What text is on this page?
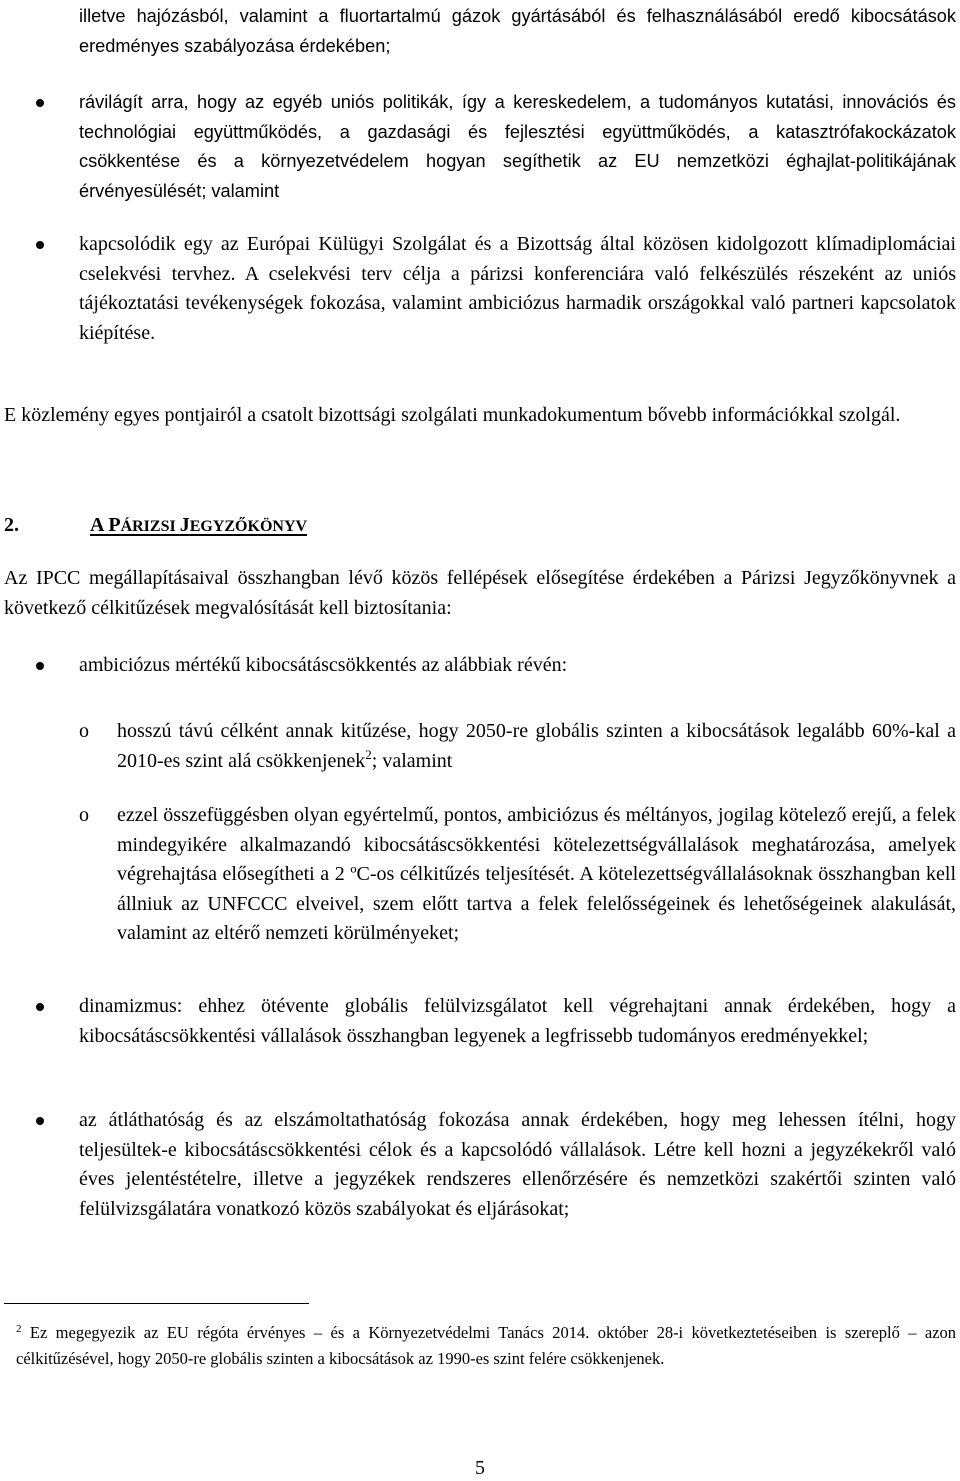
illetve hajózásból, valamint a fluortartalmú gázok gyártásából és felhasználásából eredő kibocsátások eredményes szabályozása érdekében;
rávilágít arra, hogy az egyéb uniós politikák, így a kereskedelem, a tudományos kutatási, innovációs és technológiai együttműködés, a gazdasági és fejlesztési együttműködés, a katasztrófakockázatok csökkentése és a környezetvédelem hogyan segíthetik az EU nemzetközi éghajlat-politikájának érvényesülését; valamint
kapcsolódik egy az Európai Külügyi Szolgálat és a Bizottság által közösen kidolgozott klímadiplomáciai cselekvési tervhez. A cselekvési terv célja a párizsi konferenciára való felkészülés részeként az uniós tájékoztatási tevékenységek fokozása, valamint ambiciózus harmadik országokkal való partneri kapcsolatok kiépítése.
E közlemény egyes pontjairól a csatolt bizottsági szolgálati munkadokumentum bővebb információkkal szolgál.
2.	A PÁRIZSI JEGYZŐKÖNYV
Az IPCC megállapításaival összhangban lévő közös fellépések elősegítése érdekében a Párizsi Jegyzőkönyvnek a következő célkitűzések megvalósítását kell biztosítania:
ambiciózus mértékű kibocsátáscsökkentés az alábbiak révén:
o	hosszú távú célként annak kitűzése, hogy 2050-re globális szinten a kibocsátások legalább 60%-kal a 2010-es szint alá csökkenjenek$^2$; valamint
o	ezzel összefüggésben olyan egyértelmű, pontos, ambiciózus és méltányos, jogilag kötelező erejű, a felek mindegyikére alkalmazandó kibocsátáscsökkentési kötelezettségvállalások meghatározása, amelyek végrehajtása elősegítheti a 2 ºC-os célkitűzés teljesítését. A kötelezettségvállalásoknak összhangban kell állniuk az UNFCCC elveivel, szem előtt tartva a felek felelősségeinek és lehetőségeinek alakulását, valamint az eltérő nemzeti körülményeket;
dinamizmus: ehhez ötévente globális felülvizsgálatot kell végrehajtani annak érdekében, hogy a kibocsátáscsökkentési vállalások összhangban legyenek a legfrissebb tudományos eredményekkel;
az átláthatóság és az elszámoltathatóság fokozása annak érdekében, hogy meg lehessen ítélni, hogy teljesültek-e kibocsátáscsökkentési célok és a kapcsolódó vállalások. Létre kell hozni a jegyzékekről való éves jelentéstételre, illetve a jegyzékek rendszeres ellenőrzésére és nemzetközi szakértői szinten való felülvizsgálatára vonatkozó közös szabályokat és eljárásokat;
$^2$ Ez megegyezik az EU régóta érvényes – és a Környezetvédelmi Tanács 2014. október 28-i következtetéseiben is szereplő – azon célkitűzésével, hogy 2050-re globális szinten a kibocsátások az 1990-es szint felére csökkenjenek.
5
